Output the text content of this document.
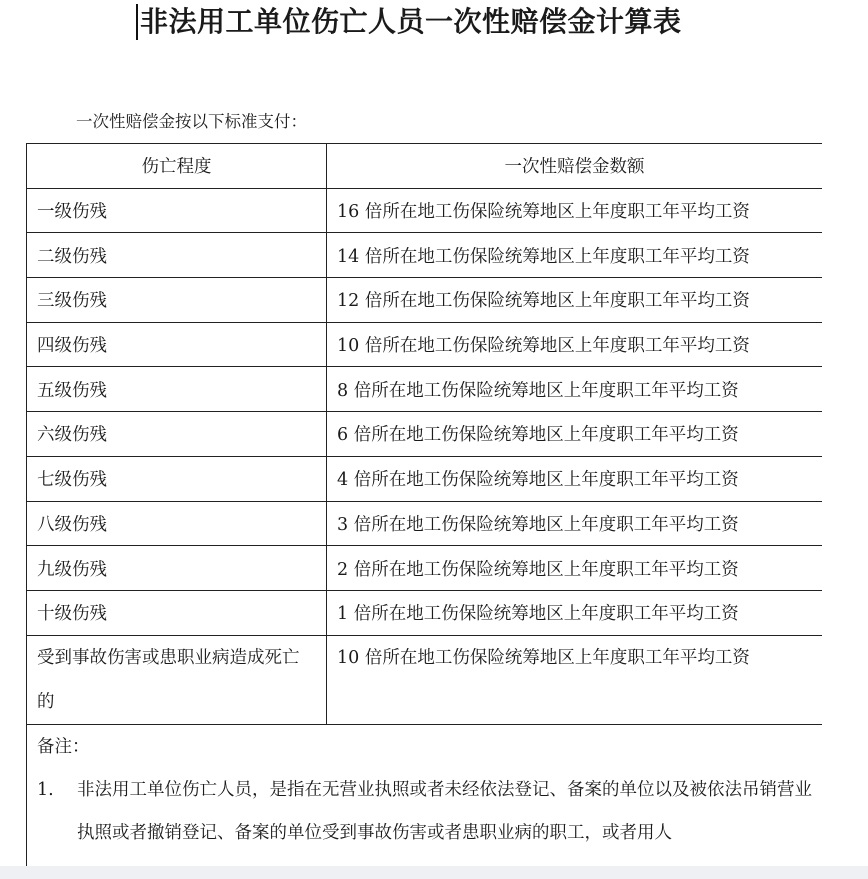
非法用工单位伤亡人员一次性赔偿金计算表
一次性赔偿金按以下标准支付：
伤亡程度	一次性赔偿金数额
一级伤残	16 倍所在地工伤保险统筹地区上年度职工年平均工资
二级伤残	14 倍所在地工伤保险统筹地区上年度职工年平均工资
三级伤残	12 倍所在地工伤保险统筹地区上年度职工年平均工资
四级伤残	10 倍所在地工伤保险统筹地区上年度职工年平均工资
五级伤残	8 倍所在地工伤保险统筹地区上年度职工年平均工资
六级伤残	6 倍所在地工伤保险统筹地区上年度职工年平均工资
七级伤残	4 倍所在地工伤保险统筹地区上年度职工年平均工资
八级伤残	3 倍所在地工伤保险统筹地区上年度职工年平均工资
九级伤残	2 倍所在地工伤保险统筹地区上年度职工年平均工资
十级伤残	1 倍所在地工伤保险统筹地区上年度职工年平均工资
受到事故伤害或患职业病造成死亡的	10 倍所在地工伤保险统筹地区上年度职工年平均工资

备注：
1. 非法用工单位伤亡人员，是指在无营业执照或者未经依法登记、备案的单位以及被依法吊销营业执照或者撤销登记、备案的单位受到事故伤害或者患职业病的职工，或者用人	
